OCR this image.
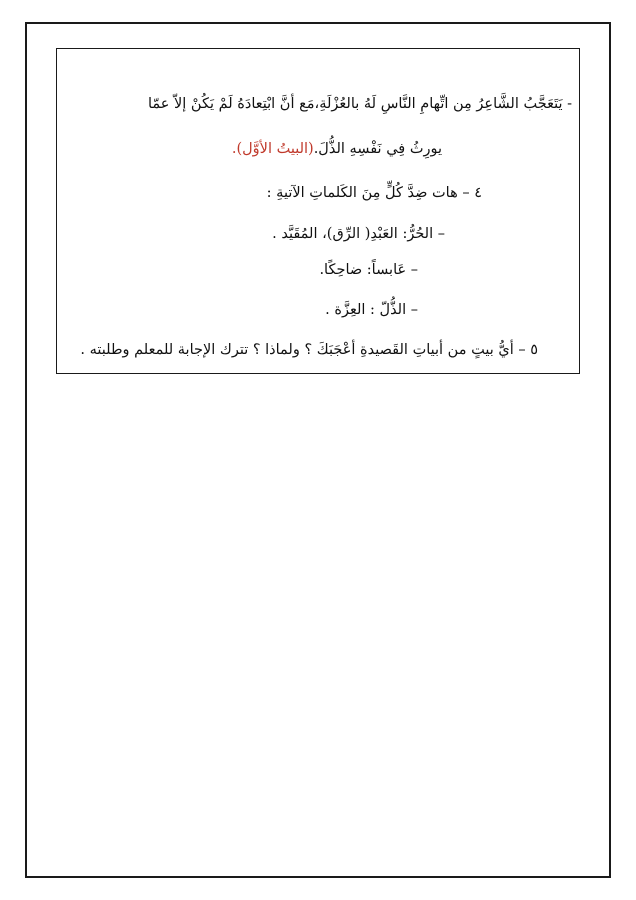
- يَتَعَجَّبُ الشَّاعِرُ مِن اتِّهامِ النَّاسِ لَهُ بالعُزْلَةِ،مَع أنَّ ابْتِعادَهُ لَمْ يَكُنْ إلاّ عمّا
يورِثُ فِي نَفْسِهِ الذُّلَ.(البيتُ الأوَّل).
٤ – هات ضِدَّ كُلٍّ مِنَ الكَلماتِ الآتيةِ :
– الحُرُّ: العَبْدِ( الرِّق)، المُقَيَّد .
– عَابساً: ضاحِكًا.
– الذُّلّ : العِزَّة .
٥ – أيُّ بيتٍ من أبياتِ القَصيدةِ أعْجَبَكَ ؟ ولماذا ؟ تترك الإجابة للمعلم وطلبته .
